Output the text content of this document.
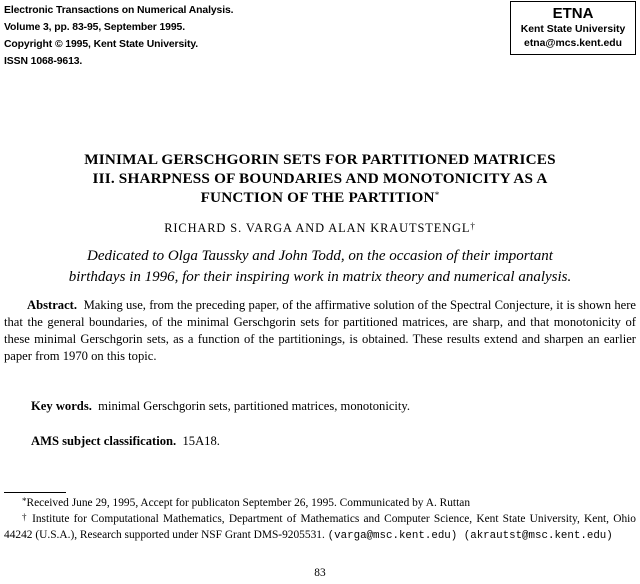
Electronic Transactions on Numerical Analysis.
Volume 3, pp. 83-95, September 1995.
Copyright © 1995, Kent State University.
ISSN 1068-9613.
ETNA
Kent State University
etna@mcs.kent.edu
MINIMAL GERSCHGORIN SETS FOR PARTITIONED MATRICES
III. SHARPNESS OF BOUNDARIES AND MONOTONICITY AS A
FUNCTION OF THE PARTITION*
RICHARD S. VARGA AND ALAN KRAUTSTENGL†
Dedicated to Olga Taussky and John Todd, on the occasion of their important
birthdays in 1996, for their inspiring work in matrix theory and numerical analysis.
Abstract. Making use, from the preceding paper, of the affirmative solution of the Spectral Conjecture, it is shown here that the general boundaries, of the minimal Gerschgorin sets for partitioned matrices, are sharp, and that monotonicity of these minimal Gerschgorin sets, as a function of the partitionings, is obtained. These results extend and sharpen an earlier paper from 1970 on this topic.
Key words. minimal Gerschgorin sets, partitioned matrices, monotonicity.
AMS subject classification. 15A18.
*Received June 29, 1995, Accept for publicaton September 26, 1995. Communicated by A. Ruttan
† Institute for Computational Mathematics, Department of Mathematics and Computer Science, Kent State University, Kent, Ohio 44242 (U.S.A.), Research supported under NSF Grant DMS-9205531. (varga@msc.kent.edu) (akrautst@msc.kent.edu)
83
